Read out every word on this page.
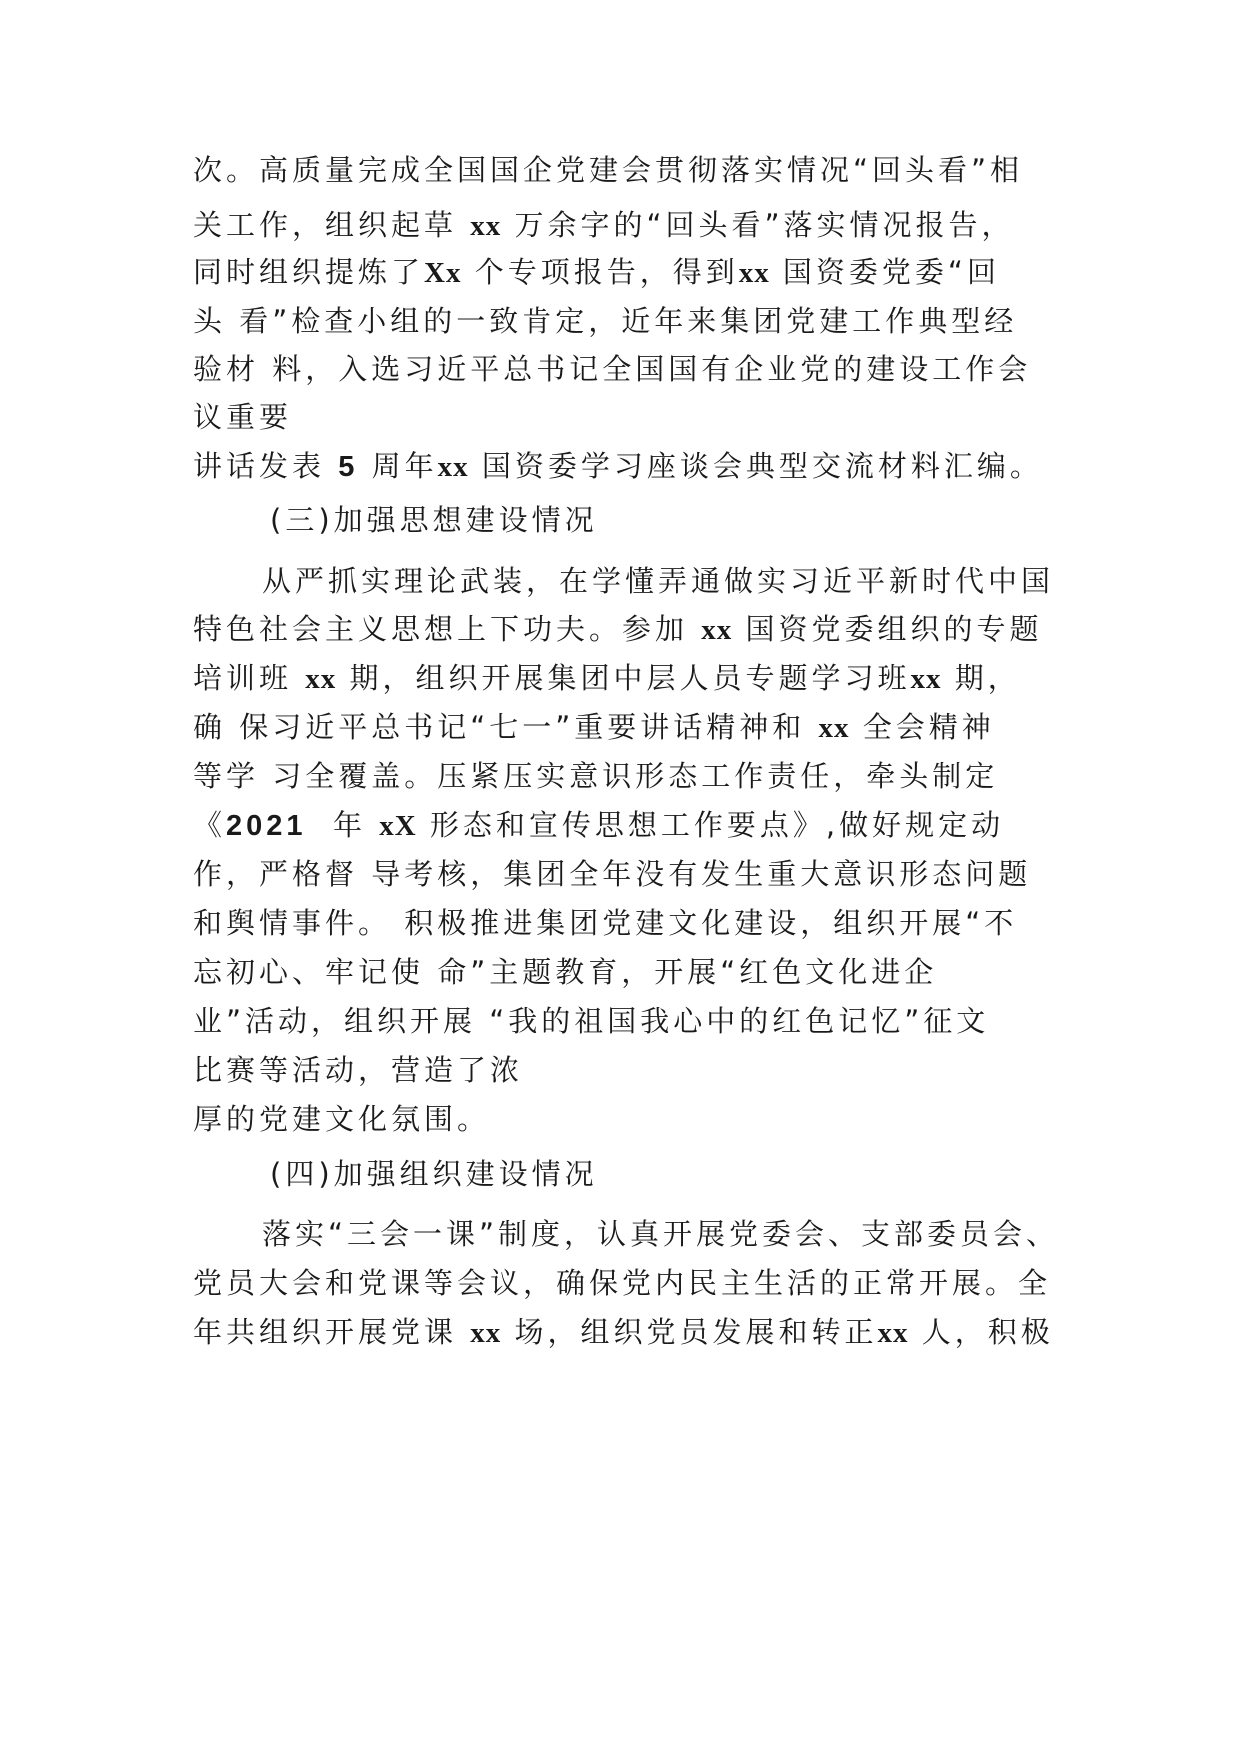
次。高质量完成全国国企党建会贯彻落实情况“回头看”相
关工作，组织起草 xx 万余字的“回头看”落实情况报告，
同时组织提炼了Xx 个专项报告，得到xx 国资委党委“回
头 看”检查小组的一致肯定，近年来集团党建工作典型经
验材 料，入选习近平总书记全国国有企业党的建设工作会
议重要
讲话发表 5 周年xx 国资委学习座谈会典型交流材料汇编。
(三)加强思想建设情况
从严抓实理论武装，在学懂弄通做实习近平新时代中国
特色社会主义思想上下功夫。参加 xx 国资党委组织的专题
培训班 xx 期，组织开展集团中层人员专题学习班xx 期，
确 保习近平总书记“七一”重要讲话精神和 xx 全会精神
等学 习全覆盖。压紧压实意识形态工作责任，牵头制定
《2021 年 xX 形态和宣传思想工作要点》,做好规定动
作，严格督 导考核，集团全年没有发生重大意识形态问题
和舆情事件。 积极推进集团党建文化建设，组织开展“不
忘初心、牢记使 命”主题教育，开展“红色文化进企
业”活动，组织开展 “我的祖国我心中的红色记忆”征文
比赛等活动，营造了浓
厚的党建文化氛围。
(四)加强组织建设情况
落实“三会一课”制度，认真开展党委会、支部委员会、
党员大会和党课等会议，确保党内民主生活的正常开展。全
年共组织开展党课 xx 场，组织党员发展和转正xx 人，积极
